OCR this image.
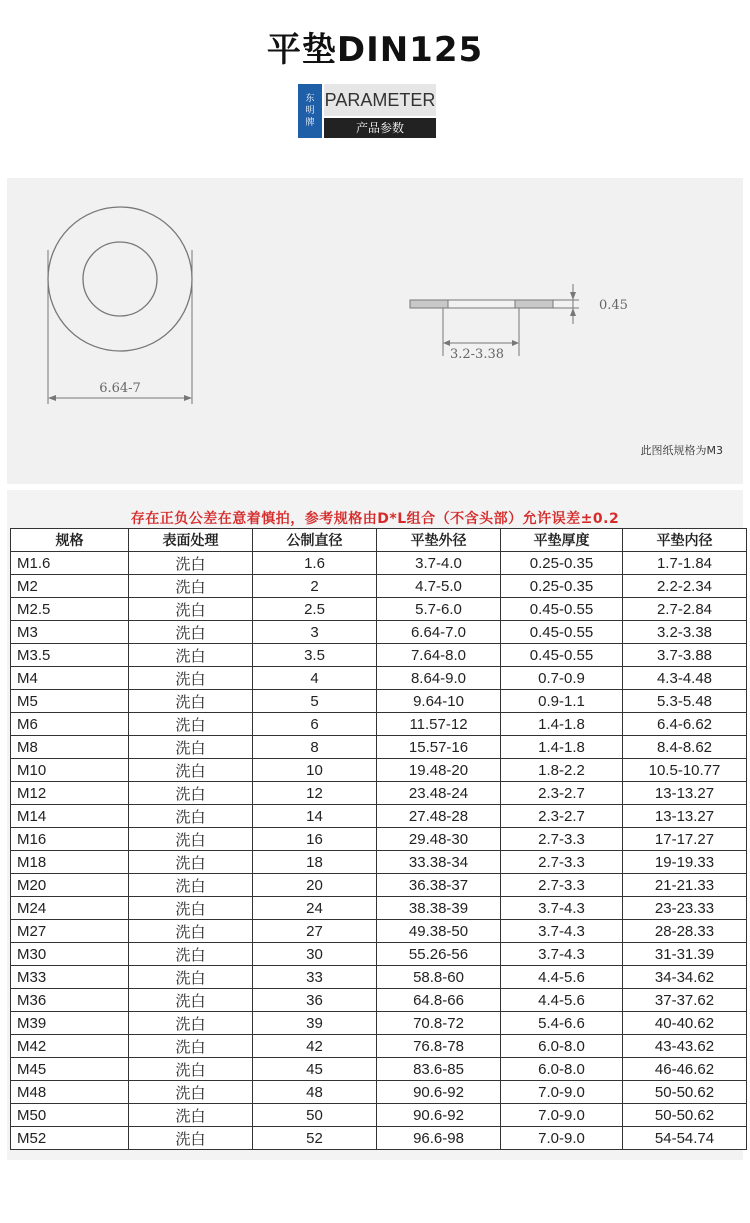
平垫DIN125
东
明
牌
PARAMETER
产品参数
6.64-7
3.2-3.38
0.45
此图纸规格为M3
存在正负公差在意着慎拍，参考规格由D*L组合（不含头部）允许误差±0.2
规格	表面处理	公制直径	平垫外径	平垫厚度	平垫内径
M1.6	洗白	1.6	3.7-4.0	0.25-0.35	1.7-1.84
M2	洗白	2	4.7-5.0	0.25-0.35	2.2-2.34
M2.5	洗白	2.5	5.7-6.0	0.45-0.55	2.7-2.84
M3	洗白	3	6.64-7.0	0.45-0.55	3.2-3.38
M3.5	洗白	3.5	7.64-8.0	0.45-0.55	3.7-3.88
M4	洗白	4	8.64-9.0	0.7-0.9	4.3-4.48
M5	洗白	5	9.64-10	0.9-1.1	5.3-5.48
M6	洗白	6	11.57-12	1.4-1.8	6.4-6.62
M8	洗白	8	15.57-16	1.4-1.8	8.4-8.62
M10	洗白	10	19.48-20	1.8-2.2	10.5-10.77
M12	洗白	12	23.48-24	2.3-2.7	13-13.27
M14	洗白	14	27.48-28	2.3-2.7	13-13.27
M16	洗白	16	29.48-30	2.7-3.3	17-17.27
M18	洗白	18	33.38-34	2.7-3.3	19-19.33
M20	洗白	20	36.38-37	2.7-3.3	21-21.33
M24	洗白	24	38.38-39	3.7-4.3	23-23.33
M27	洗白	27	49.38-50	3.7-4.3	28-28.33
M30	洗白	30	55.26-56	3.7-4.3	31-31.39
M33	洗白	33	58.8-60	4.4-5.6	34-34.62
M36	洗白	36	64.8-66	4.4-5.6	37-37.62
M39	洗白	39	70.8-72	5.4-6.6	40-40.62
M42	洗白	42	76.8-78	6.0-8.0	43-43.62
M45	洗白	45	83.6-85	6.0-8.0	46-46.62
M48	洗白	48	90.6-92	7.0-9.0	50-50.62
M50	洗白	50	90.6-92	7.0-9.0	50-50.62
M52	洗白	52	96.6-98	7.0-9.0	54-54.74
